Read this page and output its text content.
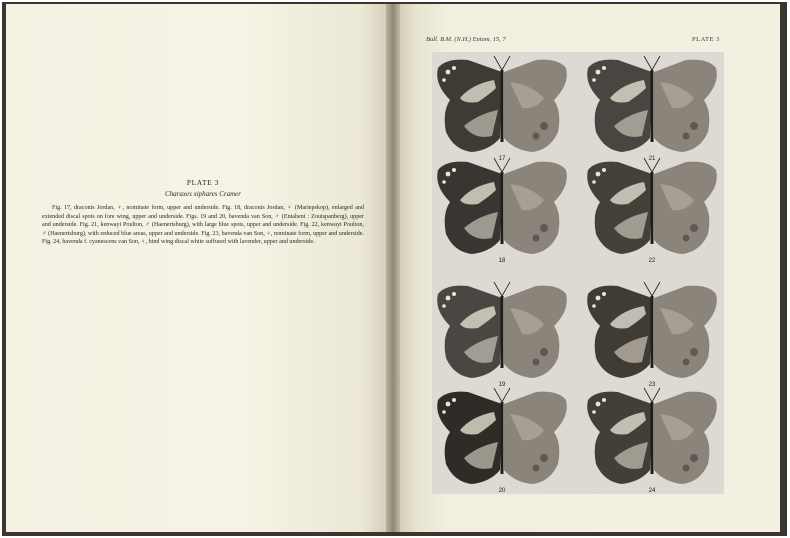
PLATE 3

Charaxes xiphares Cramer

Fig. 17, draconis Jordan, ♀, nominate form, upper and underside. Fig. 18, draconis Jordan, ♀ (Mariepskop), enlarged and extended discal spots on fore wing, upper and underside. Figs. 19 and 20, bavenda van Son, ♂ (Entabeni : Zoutspanberg), upper and underside. Fig. 21, kenwayi Poulton, ♂ (Haenertsburg), with large blue spots, upper and underside. Fig. 22, kenwayi Poulton, ♂ (Haenertsburg), with reduced blue areas, upper and underside. Fig. 23, bavenda van Son, ♀, nominate form, upper and underside. Fig. 24, bavenda f. cyanescens van Son, ♀, hind wing discal white suffused with lavender, upper and underside.

Bull. B.M. (N.H.) Entom. 15, 7	PLATE 3
17	21
18	22
19	23
20	24
